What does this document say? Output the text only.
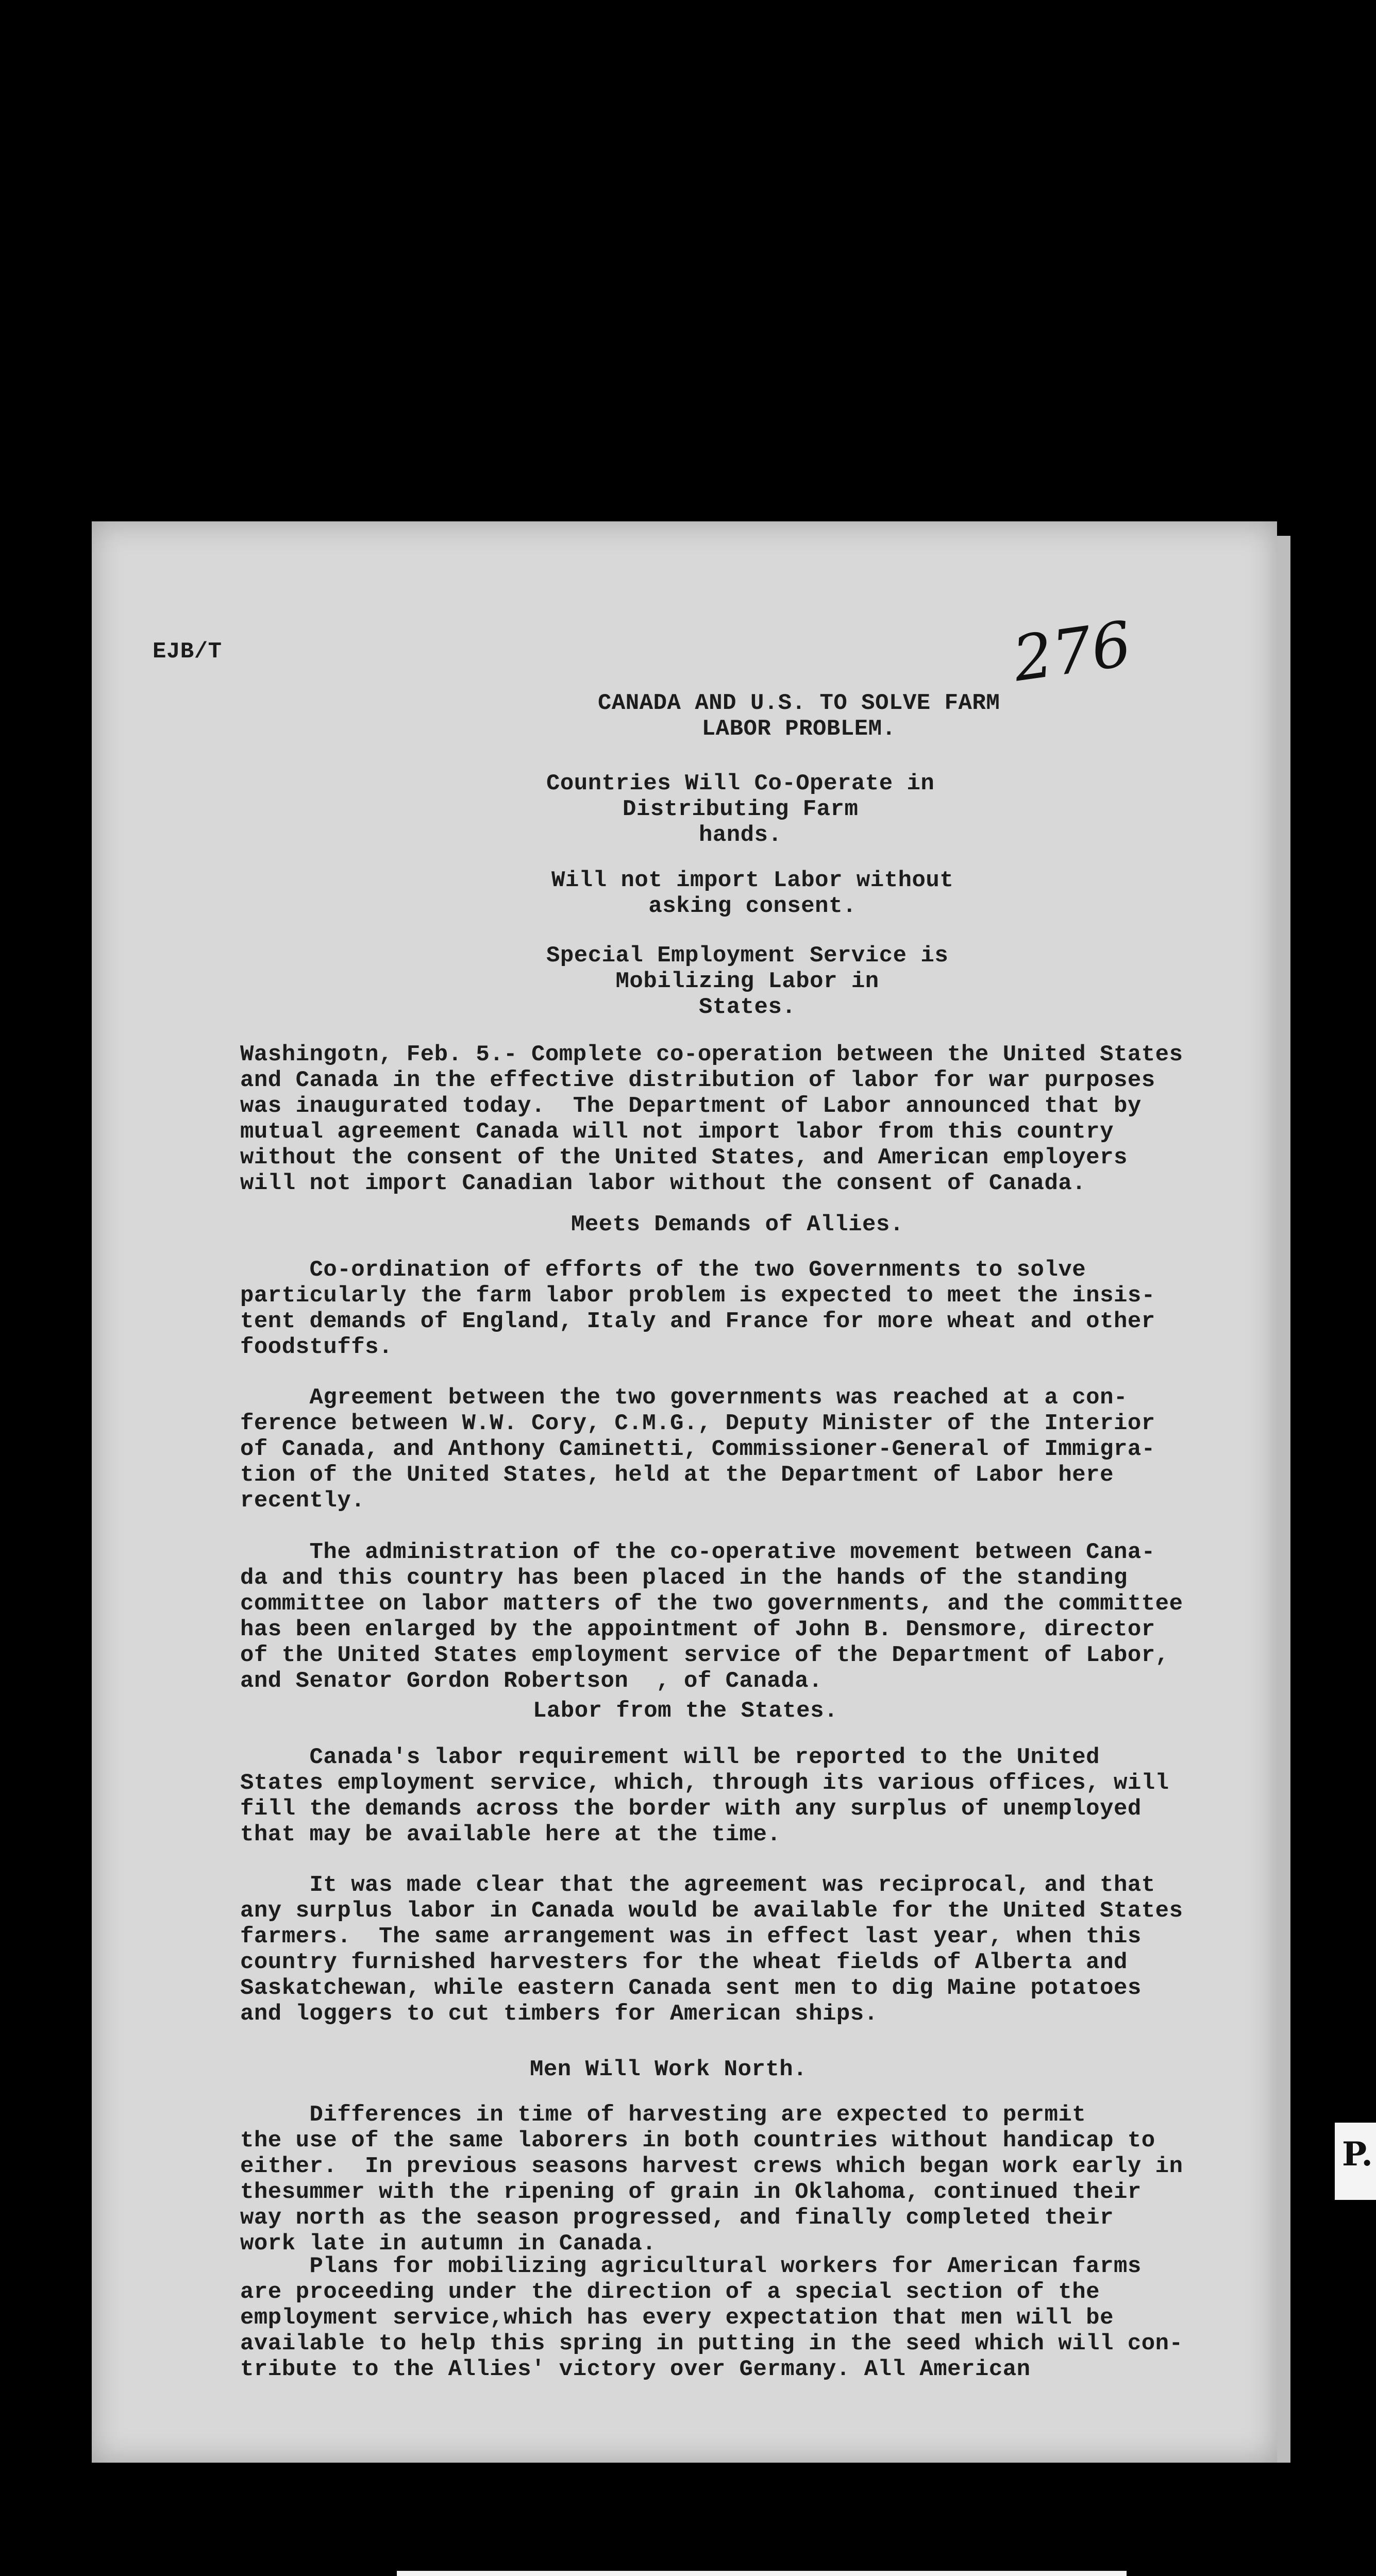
EJB/T	276
CANADA AND U.S. TO SOLVE FARM
LABOR PROBLEM.
Countries Will Co-Operate in
Distributing Farm
hands.
Will not import Labor without
asking consent.
Special Employment Service is
Mobilizing Labor in
States.
Washingotn, Feb. 5.- Complete co-operation between the United States
and Canada in the effective distribution of labor for war purposes
was inaugurated today.  The Department of Labor announced that by
mutual agreement Canada will not import labor from this country
without the consent of the United States, and American employers
will not import Canadian labor without the consent of Canada.
Meets Demands of Allies.
Co-ordination of efforts of the two Governments to solve
particularly the farm labor problem is expected to meet the insis-
tent demands of England, Italy and France for more wheat and other
foodstuffs.
Agreement between the two governments was reached at a con-
ference between W.W. Cory, C.M.G., Deputy Minister of the Interior
of Canada, and Anthony Caminetti, Commissioner-General of Immigra-
tion of the United States, held at the Department of Labor here
recently.
The administration of the co-operative movement between Cana-
da and this country has been placed in the hands of the standing
committee on labor matters of the two governments, and the committee
has been enlarged by the appointment of John B. Densmore, director
of the United States employment service of the Department of Labor,
and Senator Gordon Robertson  , of Canada.
Labor from the States.
Canada's labor requirement will be reported to the United
States employment service, which, through its various offices, will
fill the demands across the border with any surplus of unemployed
that may be available here at the time.
It was made clear that the agreement was reciprocal, and that
any surplus labor in Canada would be available for the United States
farmers.  The same arrangement was in effect last year, when this
country furnished harvesters for the wheat fields of Alberta and
Saskatchewan, while eastern Canada sent men to dig Maine potatoes
and loggers to cut timbers for American ships.
Men Will Work North.
Differences in time of harvesting are expected to permit
the use of the same laborers in both countries without handicap to
either.  In previous seasons harvest crews which began work early in
thesummer with the ripening of grain in Oklahoma, continued their
way north as the season progressed, and finally completed their
work late in autumn in Canada.
Plans for mobilizing agricultural workers for American farms
are proceeding under the direction of a special section of the
employment service,which has every expectation that men will be
available to help this spring in putting in the seed which will con-
tribute to the Allies' victory over Germany. All American
P.
